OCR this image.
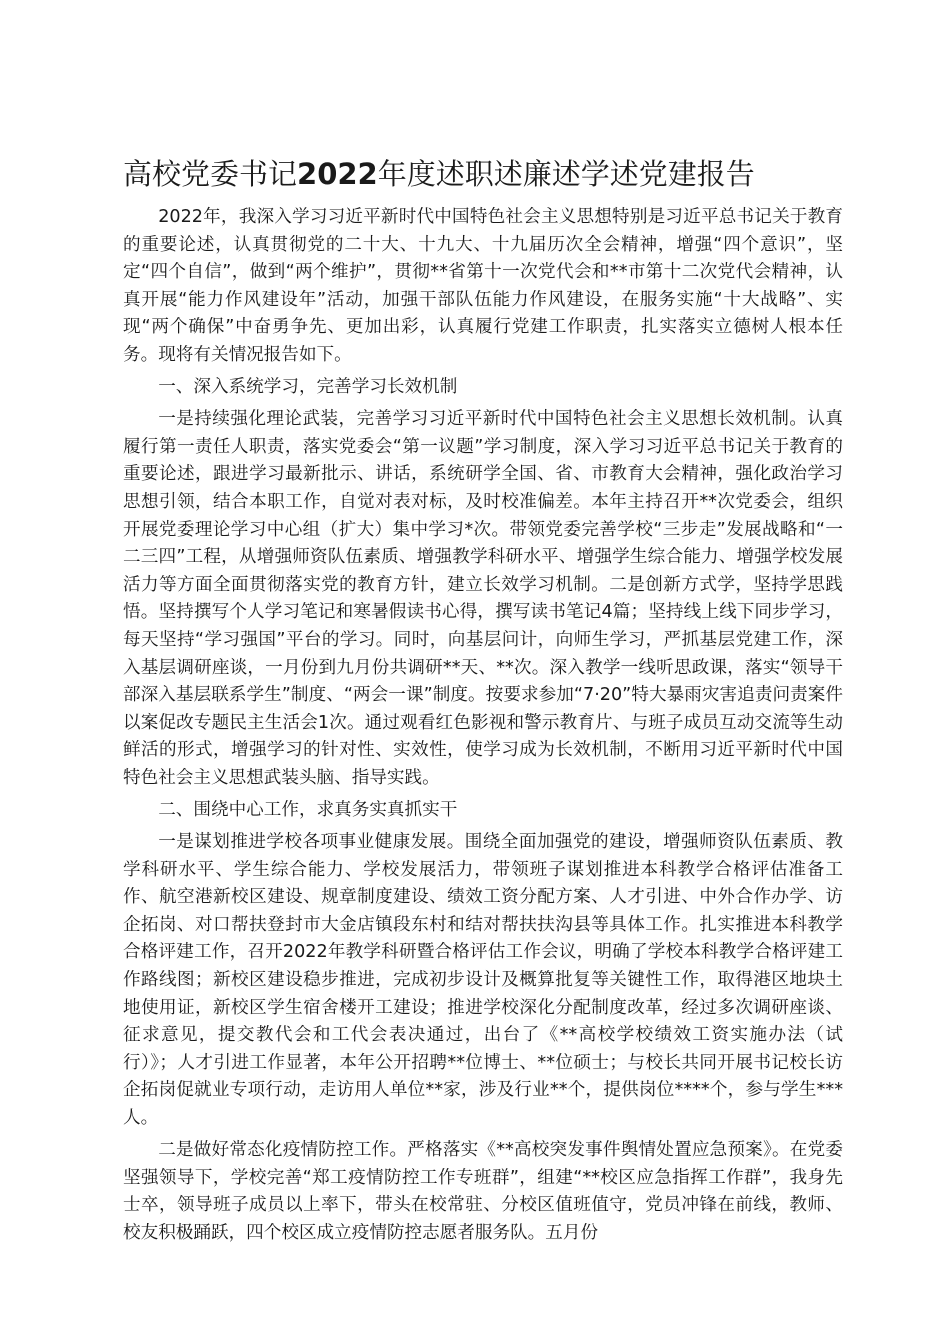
高校党委书记2022年度述职述廉述学述党建报告

2022年，我深入学习习近平新时代中国特色社会主义思想特别是习近平总书记关于教育的重要论述，认真贯彻党的二十大、十九大、十九届历次全会精神，增强“四个意识”，坚定“四个自信”，做到“两个维护”，贯彻**省第十一次党代会和**市第十二次党代会精神，认真开展“能力作风建设年”活动，加强干部队伍能力作风建设，在服务实施“十大战略”、实现“两个确保”中奋勇争先、更加出彩，认真履行党建工作职责，扎实落实立德树人根本任务。现将有关情况报告如下。

一、深入系统学习，完善学习长效机制

一是持续强化理论武装，完善学习习近平新时代中国特色社会主义思想长效机制。认真履行第一责任人职责，落实党委会“第一议题”学习制度，深入学习习近平总书记关于教育的重要论述，跟进学习最新批示、讲话，系统研学全国、省、市教育大会精神，强化政治学习思想引领，结合本职工作，自觉对表对标，及时校准偏差。本年主持召开**次党委会，组织开展党委理论学习中心组（扩大）集中学习*次。带领党委完善学校“三步走”发展战略和“一二三四”工程，从增强师资队伍素质、增强教学科研水平、增强学生综合能力、增强学校发展活力等方面全面贯彻落实党的教育方针，建立长效学习机制。二是创新方式学，坚持学思践悟。坚持撰写个人学习笔记和寒暑假读书心得，撰写读书笔记4篇；坚持线上线下同步学习，每天坚持“学习强国”平台的学习。同时，向基层问计，向师生学习，严抓基层党建工作，深入基层调研座谈，一月份到九月份共调研**天、**次。深入教学一线听思政课，落实“领导干部深入基层联系学生”制度、“两会一课”制度。按要求参加“7·20”特大暴雨灾害追责问责案件以案促改专题民主生活会1次。通过观看红色影视和警示教育片、与班子成员互动交流等生动鲜活的形式，增强学习的针对性、实效性，使学习成为长效机制，不断用习近平新时代中国特色社会主义思想武装头脑、指导实践。

二、围绕中心工作，求真务实真抓实干

一是谋划推进学校各项事业健康发展。围绕全面加强党的建设，增强师资队伍素质、教学科研水平、学生综合能力、学校发展活力，带领班子谋划推进本科教学合格评估准备工作、航空港新校区建设、规章制度建设、绩效工资分配方案、人才引进、中外合作办学、访企拓岗、对口帮扶登封市大金店镇段东村和结对帮扶扶沟县等具体工作。扎实推进本科教学合格评建工作，召开2022年教学科研暨合格评估工作会议，明确了学校本科教学合格评建工作路线图；新校区建设稳步推进，完成初步设计及概算批复等关键性工作，取得港区地块土地使用证，新校区学生宿舍楼开工建设；推进学校深化分配制度改革，经过多次调研座谈、征求意见，提交教代会和工代会表决通过，出台了《**高校学校绩效工资实施办法（试行）》；人才引进工作显著，本年公开招聘**位博士、**位硕士；与校长共同开展书记校长访企拓岗促就业专项行动，走访用人单位**家，涉及行业**个，提供岗位****个，参与学生***人。

二是做好常态化疫情防控工作。严格落实《**高校突发事件舆情处置应急预案》。在党委坚强领导下，学校完善“郑工疫情防控工作专班群”，组建“**校区应急指挥工作群”，我身先士卒，领导班子成员以上率下，带头在校常驻、分校区值班值守，党员冲锋在前线，教师、校友积极踊跃，四个校区成立疫情防控志愿者服务队。五月份
